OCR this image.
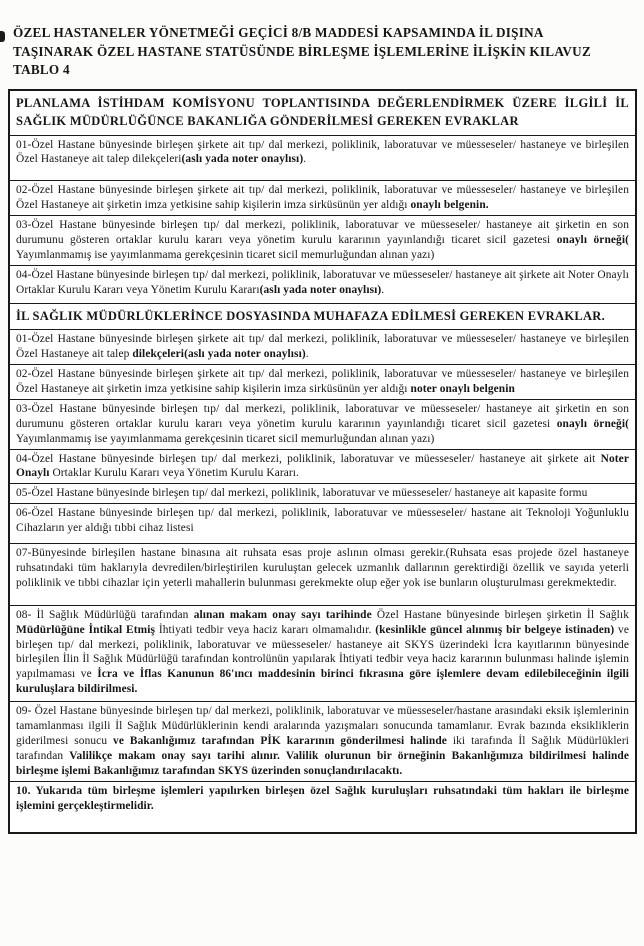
ÖZEL HASTANELER YÖNETMEĞİ GEÇİCİ 8/B MADDESİ KAPSAMINDA İL DIŞINA
TAŞINARAK ÖZEL HASTANE STATÜSÜNDE BİRLEŞME İŞLEMLERİNE İLİŞKİN KILAVUZ
TABLO 4
PLANLAMA İSTİHDAM KOMİSYONU TOPLANTISINDA DEĞERLENDİRMEK ÜZERE İLGİLİ İL SAĞLIK MÜDÜRLÜĞÜNCE BAKANLIĞA GÖNDERİLMESİ GEREKEN EVRAKLAR
01-Özel Hastane bünyesinde birleşen şirkete ait tıp/ dal merkezi, poliklinik, laboratuvar ve müesseseler/ hastaneye ve birleşilen Özel Hastaneye ait talep dilekçeleri(aslı yada noter onaylısı).
02-Özel Hastane bünyesinde birleşen şirkete ait tıp/ dal merkezi, poliklinik, laboratuvar ve müesseseler/ hastaneye ve birleşilen Özel Hastaneye ait şirketin imza yetkisine sahip kişilerin imza sirküsünün yer aldığı onaylı belgenin.
03-Özel Hastane bünyesinde birleşen tıp/ dal merkezi, poliklinik, laboratuvar ve müesseseler/ hastaneye ait şirketin en son durumunu gösteren ortaklar kurulu kararı veya yönetim kurulu kararının yayınlandığı ticaret sicil gazetesi onaylı örneği( Yayımlanmamış ise yayımlanmama gerekçesinin ticaret sicil memurluğundan alınan yazı)
04-Özel Hastane bünyesinde birleşen tıp/ dal merkezi, poliklinik, laboratuvar ve müesseseler/ hastaneye ait şirkete ait Noter Onaylı Ortaklar Kurulu Kararı veya Yönetim Kurulu Kararı(aslı yada noter onaylısı).
İL SAĞLIK MÜDÜRLÜKLERİNCE DOSYASINDA MUHAFAZA EDİLMESİ GEREKEN EVRAKLAR.
01-Özel Hastane bünyesinde birleşen şirkete ait tıp/ dal merkezi, poliklinik, laboratuvar ve müesseseler/ hastaneye ve birleşilen Özel Hastaneye ait talep dilekçeleri(aslı yada noter onaylısı).
02-Özel Hastane bünyesinde birleşen şirkete ait tıp/ dal merkezi, poliklinik, laboratuvar ve müesseseler/ hastaneye ve birleşilen Özel Hastaneye ait şirketin imza yetkisine sahip kişilerin imza sirküsünün yer aldığı noter onaylı belgenin
03-Özel Hastane bünyesinde birleşen tıp/ dal merkezi, poliklinik, laboratuvar ve müesseseler/ hastaneye ait şirketin en son durumunu gösteren ortaklar kurulu kararı veya yönetim kurulu kararının yayınlandığı ticaret sicil gazetesi onaylı örneği( Yayımlanmamış ise yayımlanmama gerekçesinin ticaret sicil memurluğundan alınan yazı)
04-Özel Hastane bünyesinde birleşen tıp/ dal merkezi, poliklinik, laboratuvar ve müesseseler/ hastaneye ait şirkete ait Noter Onaylı Ortaklar Kurulu Kararı veya Yönetim Kurulu Kararı.
05-Özel Hastane bünyesinde birleşen tıp/ dal merkezi, poliklinik, laboratuvar ve müesseseler/ hastaneye ait kapasite formu
06-Özel Hastane bünyesinde birleşen tıp/ dal merkezi, poliklinik, laboratuvar ve müesseseler/ hastane ait Teknoloji Yoğunluklu Cihazların yer aldığı tıbbi cihaz listesi
07-Bünyesinde birleşilen hastane binasına ait ruhsata esas proje aslının olması gerekir.(Ruhsata esas projede özel hastaneye ruhsatındaki tüm haklarıyla devredilen/birleştirilen kuruluştan gelecek uzmanlık dallarının gerektirdiği özellik ve sayıda yeterli poliklinik ve tıbbi cihazlar için yeterli mahallerin bulunması gerekmekte olup eğer yok ise bunların oluşturulması gerekmektedir.
08- İl Sağlık Müdürlüğü tarafından alınan makam onay sayı tarihinde Özel Hastane bünyesinde birleşen şirketin İl Sağlık Müdürlüğüne İntikal Etmiş İhtiyati tedbir veya haciz kararı olmamalıdır. (kesinlikle güncel alınmış bir belgeye istinaden) ve birleşen tıp/ dal merkezi, poliklinik, laboratuvar ve müesseseler/ hastaneye ait SKYS üzerindeki İcra kayıtlarının bünyesinde birleşilen İlin İl Sağlık Müdürlüğü tarafından kontrolünün yapılarak İhtiyati tedbir veya haciz kararının bulunması halinde işlemin yapılmaması ve İcra ve İflas Kanunun 86'ıncı maddesinin birinci fıkrasına göre işlemlere devam edilebileceğinin ilgili kuruluşlara bildirilmesi.
09- Özel Hastane bünyesinde birleşen tıp/ dal merkezi, poliklinik, laboratuvar ve müesseseler/hastane arasındaki eksik işlemlerinin tamamlanması ilgili İl Sağlık Müdürlüklerinin kendi aralarında yazışmaları sonucunda tamamlanır. Evrak bazında eksikliklerin giderilmesi sonucu ve Bakanlığımız tarafından PİK kararının gönderilmesi halinde iki tarafında İl Sağlık Müdürlükleri tarafından Valilikçe makam onay sayı tarihi alınır. Valilik olurunun bir örneğinin Bakanlığımıza bildirilmesi halinde birleşme işlemi Bakanlığımız tarafından SKYS üzerinden sonuçlandırılacaktı.
10. Yukarıda tüm birleşme işlemleri yapılırken birleşen özel Sağlık kuruluşları ruhsatındaki tüm hakları ile birleşme işlemini gerçekleştirmelidir.
